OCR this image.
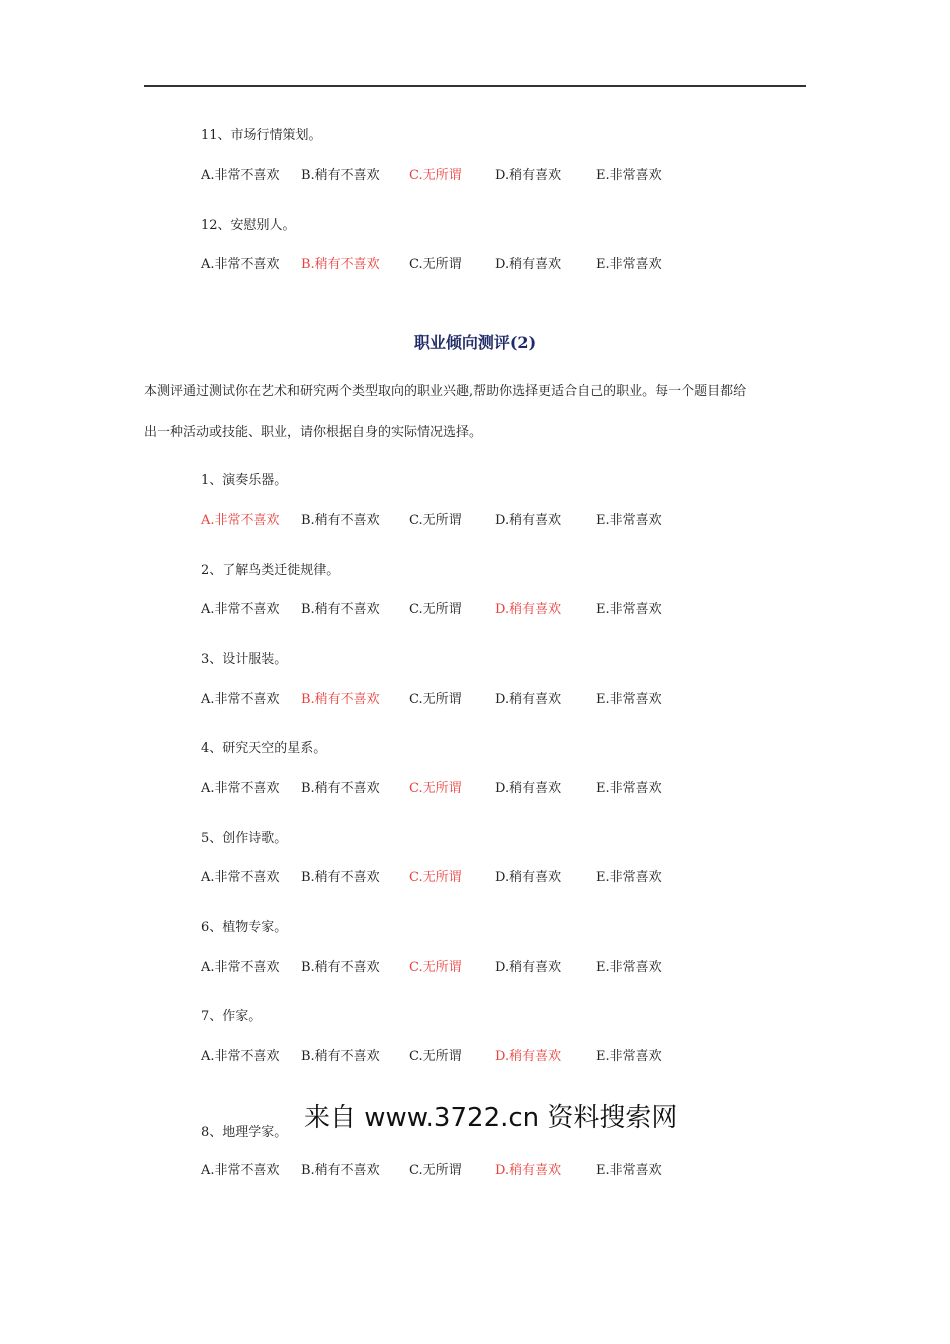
11、市场行情策划。
A.非常不喜欢 B.稍有不喜欢 C.无所谓	D.稍有喜欢	E.非常喜欢
12、安慰别人。
A.非常不喜欢 B.稍有不喜欢 C.无所谓	D.稍有喜欢	E.非常喜欢
职业倾向测评(2)
本测评通过测试你在艺术和研究两个类型取向的职业兴趣,帮助你选择更适合自己的职业。每一个题目都给
出一种活动或技能、职业，请你根据自身的实际情况选择。
1、演奏乐器。
A.非常不喜欢 B.稍有不喜欢 C.无所谓	D.稍有喜欢	E.非常喜欢
2、了解鸟类迁徙规律。
A.非常不喜欢 B.稍有不喜欢 C.无所谓	D.稍有喜欢	E.非常喜欢
3、设计服装。
A.非常不喜欢 B.稍有不喜欢 C.无所谓	D.稍有喜欢	E.非常喜欢
4、研究天空的星系。
A.非常不喜欢 B.稍有不喜欢 C.无所谓	D.稍有喜欢	E.非常喜欢
5、创作诗歌。
A.非常不喜欢 B.稍有不喜欢 C.无所谓	D.稍有喜欢	E.非常喜欢
6、植物专家。
A.非常不喜欢 B.稍有不喜欢 C.无所谓	D.稍有喜欢	E.非常喜欢
7、作家。
A.非常不喜欢 B.稍有不喜欢 C.无所谓	D.稍有喜欢	E.非常喜欢
来自 www.3722.cn 资料搜索网
8、地理学家。
A.非常不喜欢 B.稍有不喜欢 C.无所谓	D.稍有喜欢	E.非常喜欢
